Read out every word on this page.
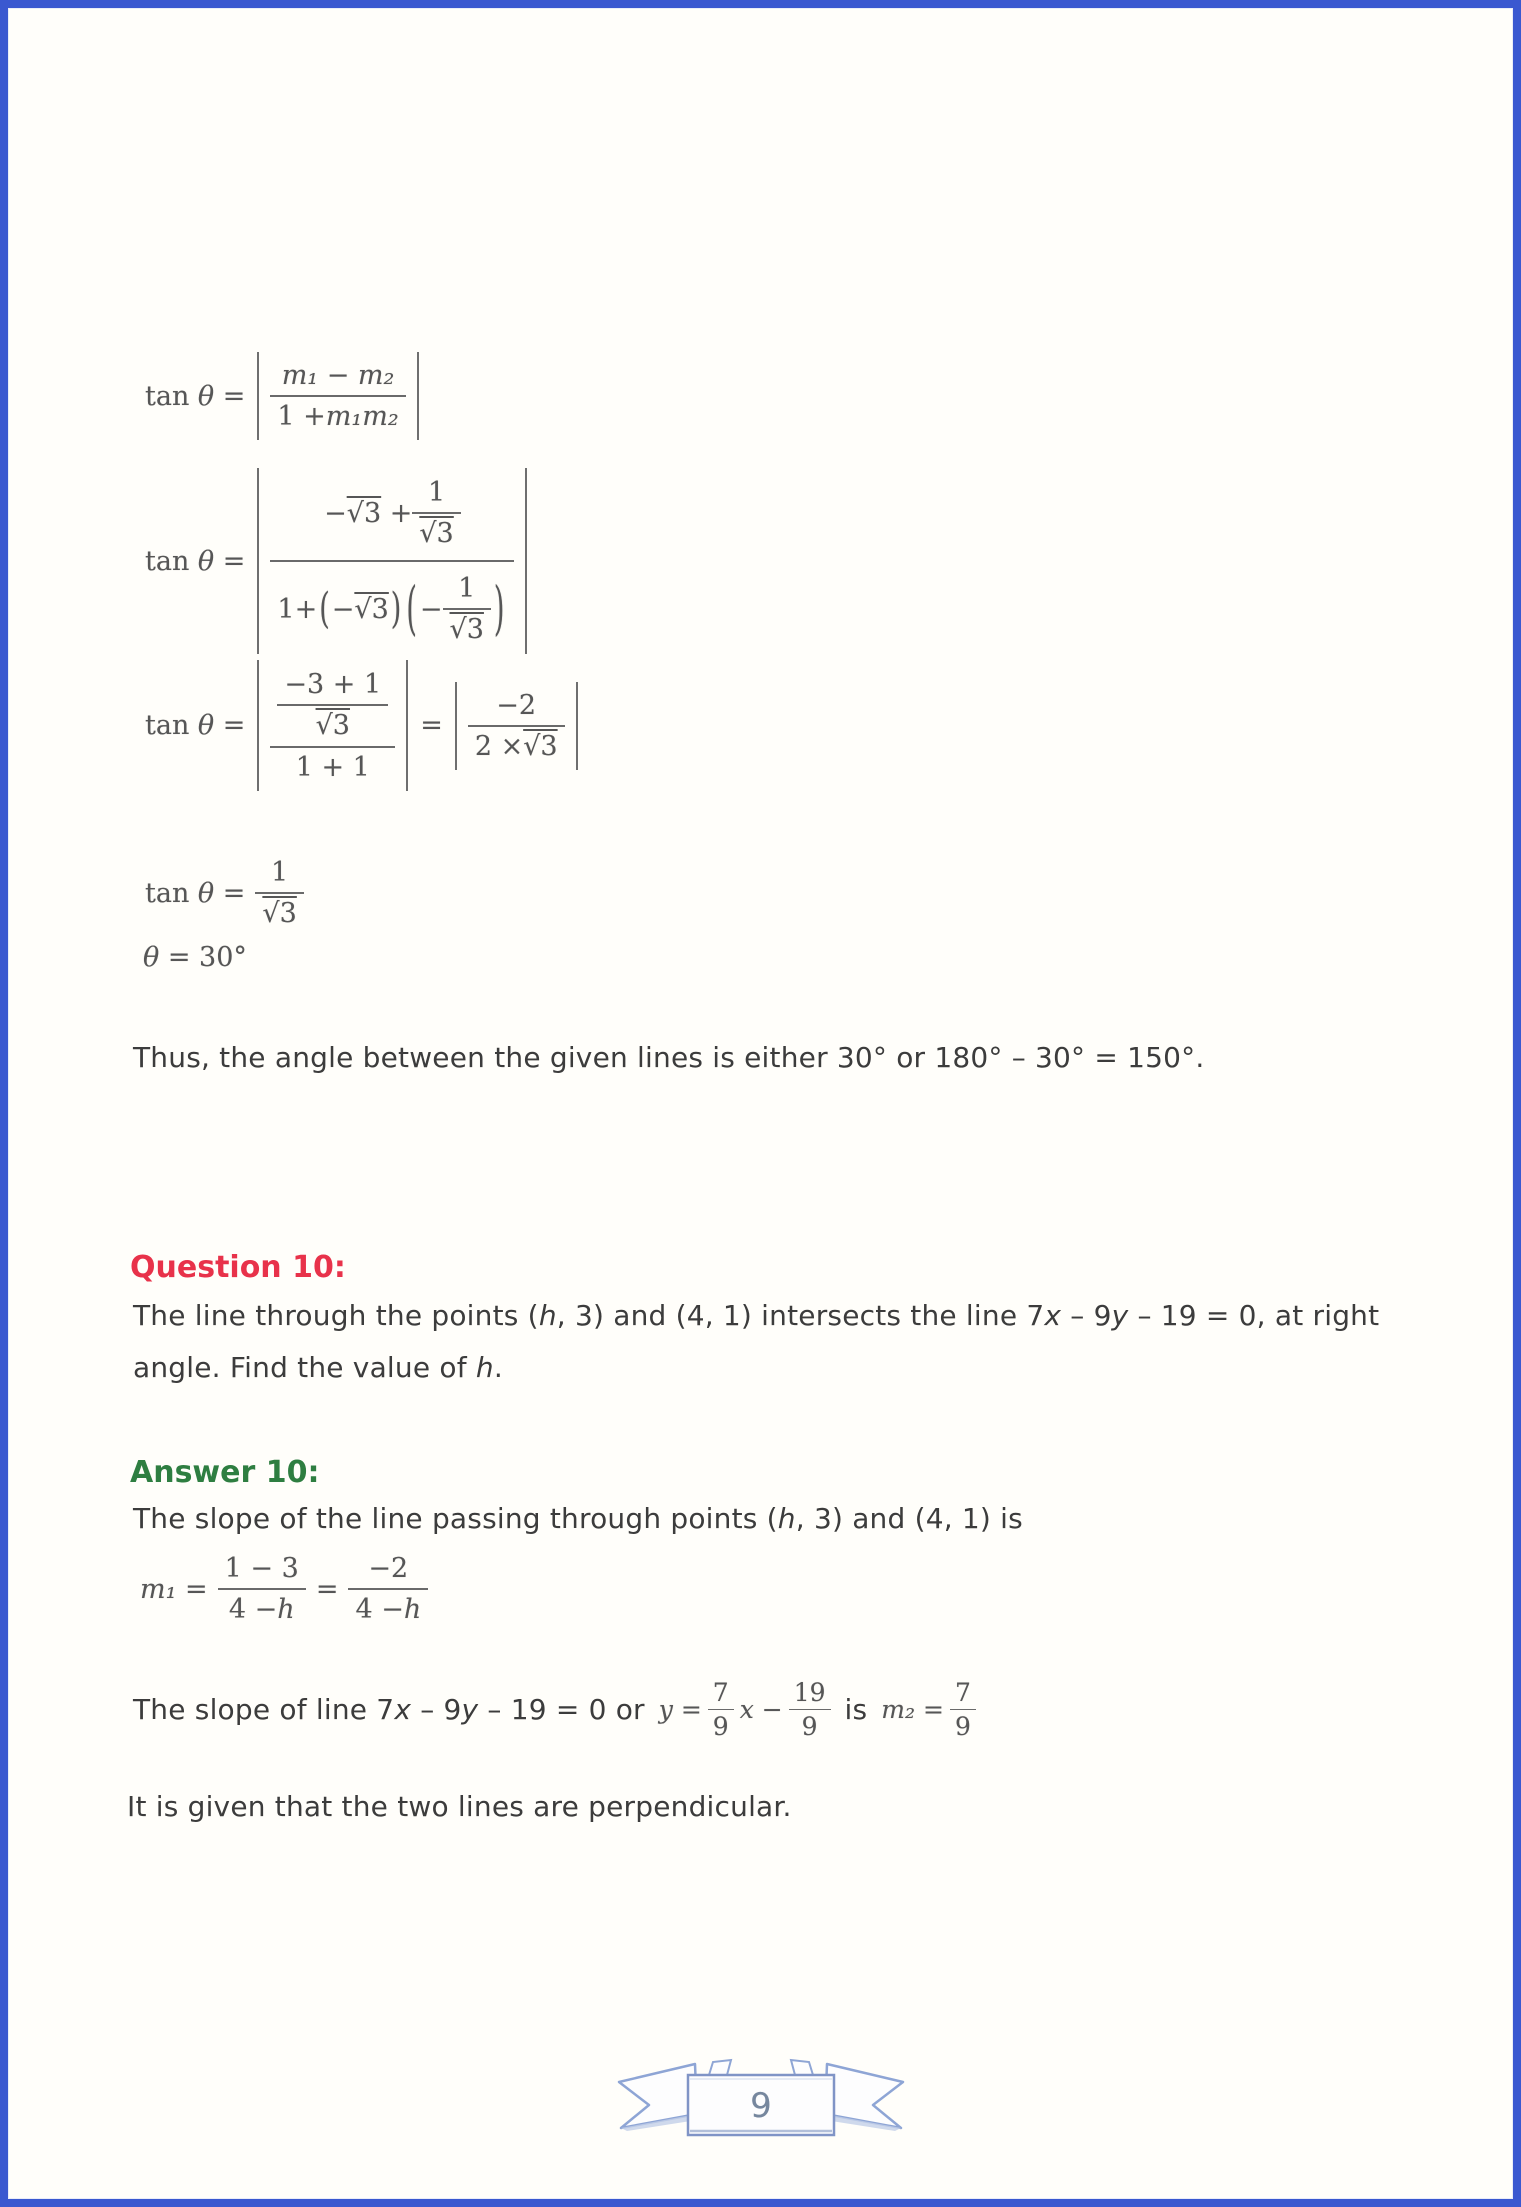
$\tan \theta = \frac{\text{m₁ − m₂}}{\text{1 + m₁m₂}}$
tan θ =
$-√3 + \frac{1}{√3}$
1+(−√3) ( − $\frac{1}{√3}$ )
$\tan \theta = \frac{\frac{-3 + 1}{√3}}{1 + 1} = \frac{-2}{2 \times √3}$
$\tan \theta = \frac{1}{√3}$
θ = 30°
Thus, the angle between the given lines is either 30° or 180° – 30° = 150°.
Question 10:
The line through the points (h, 3) and (4, 1) intersects the line 7x – 9y – 19 = 0, at right
angle. Find the value of h.
Answer 10:
The slope of the line passing through points (h, 3) and (4, 1) is
$m_1 = \frac{1 - 3}{4 - h} = \frac{-2}{4 - h}$
The slope of line 7x – 9y – 19 = 0 or $y = \frac{7}{9}$ $x - \frac{19}{9}$ is $m_2 = \frac{7}{9}$
It is given that the two lines are perpendicular.
9
